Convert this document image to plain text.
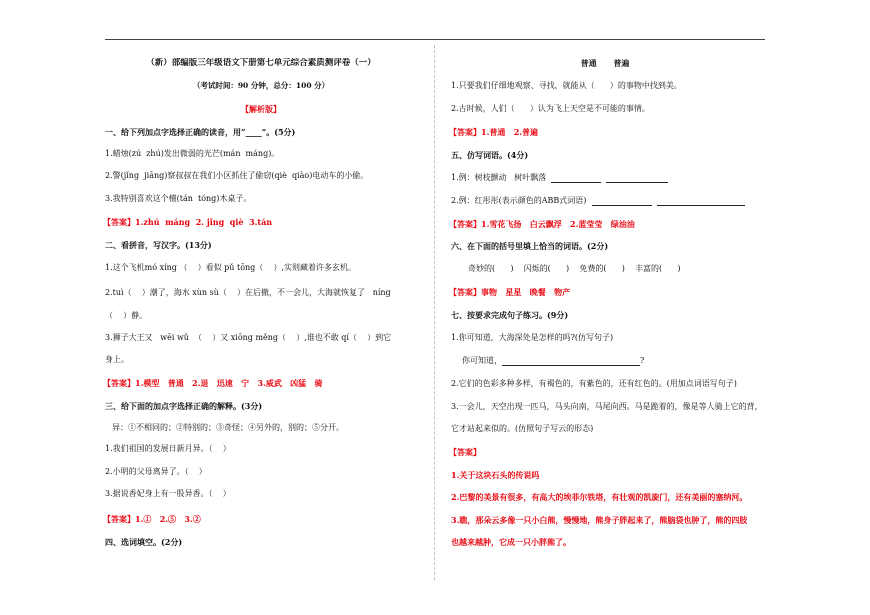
（新）部编版三年级语文下册第七单元综合素质测评卷（一）
（考试时间：90 分钟，总分：100 分）
【解析版】
一、给下列加点字选择正确的读音，用“____”。(5分)
1.蜡烛(zú  zhú)发出微弱的光芒(mán  máng)。
2.警(jǐng  jiāng)察叔叔在我们小区抓住了偷窃(qiè  qiào)电动车的小偷。
3.我特别喜欢这个檀(tán  tóng)木桌子。
【答案】1.zhú  máng  2. jǐng  qiè  3.tán
二、看拼音，写汉字。(13分)
1.这个飞机mó xíng （    ）看似 pǔ tōng（    ）,实则藏着许多玄机。
2.tuì（    ）潮了，海水 xùn sù（    ）在后撤，不一会儿，大海就恢复了   níng
（    ）静。
3.狮子大王又   wēi wǔ  （    ）又 xiōng měng（    ）,谁也不敢 qí（    ）到它
身上。
【答案】1.模型   普通   2.退   迅速   宁   3.威武   凶猛   骑
三、给下面的加点字选择正确的解释。(3分)
异：①不相同的；②特别的；③奇怪；④另外的，别的；⑤分开。
1.我们祖国的发展日新月异。（    ）
2.小明的父母离异了。（    ）
3.据说香妃身上有一股异香。（    ）
【答案】1.①   2.⑤   3.②
四、选词填空。(2分)
普通      普遍
1.只要我们仔细地观察、寻找，就能从（      ）的事物中找到美。
2.古时候，人们（      ）认为飞上天空是不可能的事情。
【答案】1.普通   2.普遍
五、仿写词语。(4分)
1.例：树枝颤动   树叶飘落
2.例：红彤彤(表示颜色的ABB式词语)
【答案】1.雪花飞扬   白云飘浮   2.蓝莹莹   绿油油
六、在下面的括号里填上恰当的词语。(2分)
奇妙的(      )    闪烁的(      )    免费的(      )    丰富的(      )
【答案】事物   星星   晚餐   物产
七、按要求完成句子练习。(9分)
1.你可知道，大海深处是怎样的吗?(仿写句子)
你可知道，	?
2.它们的色彩多种多样，有褐色的，有紫色的，还有红色的。(用加点词语写句子)
3.一会儿，天空出现一匹马，马头向南，马尾向西。马是跪着的，像是等人骑上它的背，
它才站起来似的。(仿照句子写云的形态)
【答案】
1.关于这块石头的传说吗
2.巴黎的美景有很多，有高大的埃菲尔铁塔，有壮观的凯旋门，还有美丽的塞纳河。
3.瞧，那朵云多像一只小白熊，慢慢地，熊身子胖起来了，熊脑袋也肿了，熊的四肢
也越来越肿，它成一只小胖熊了。
